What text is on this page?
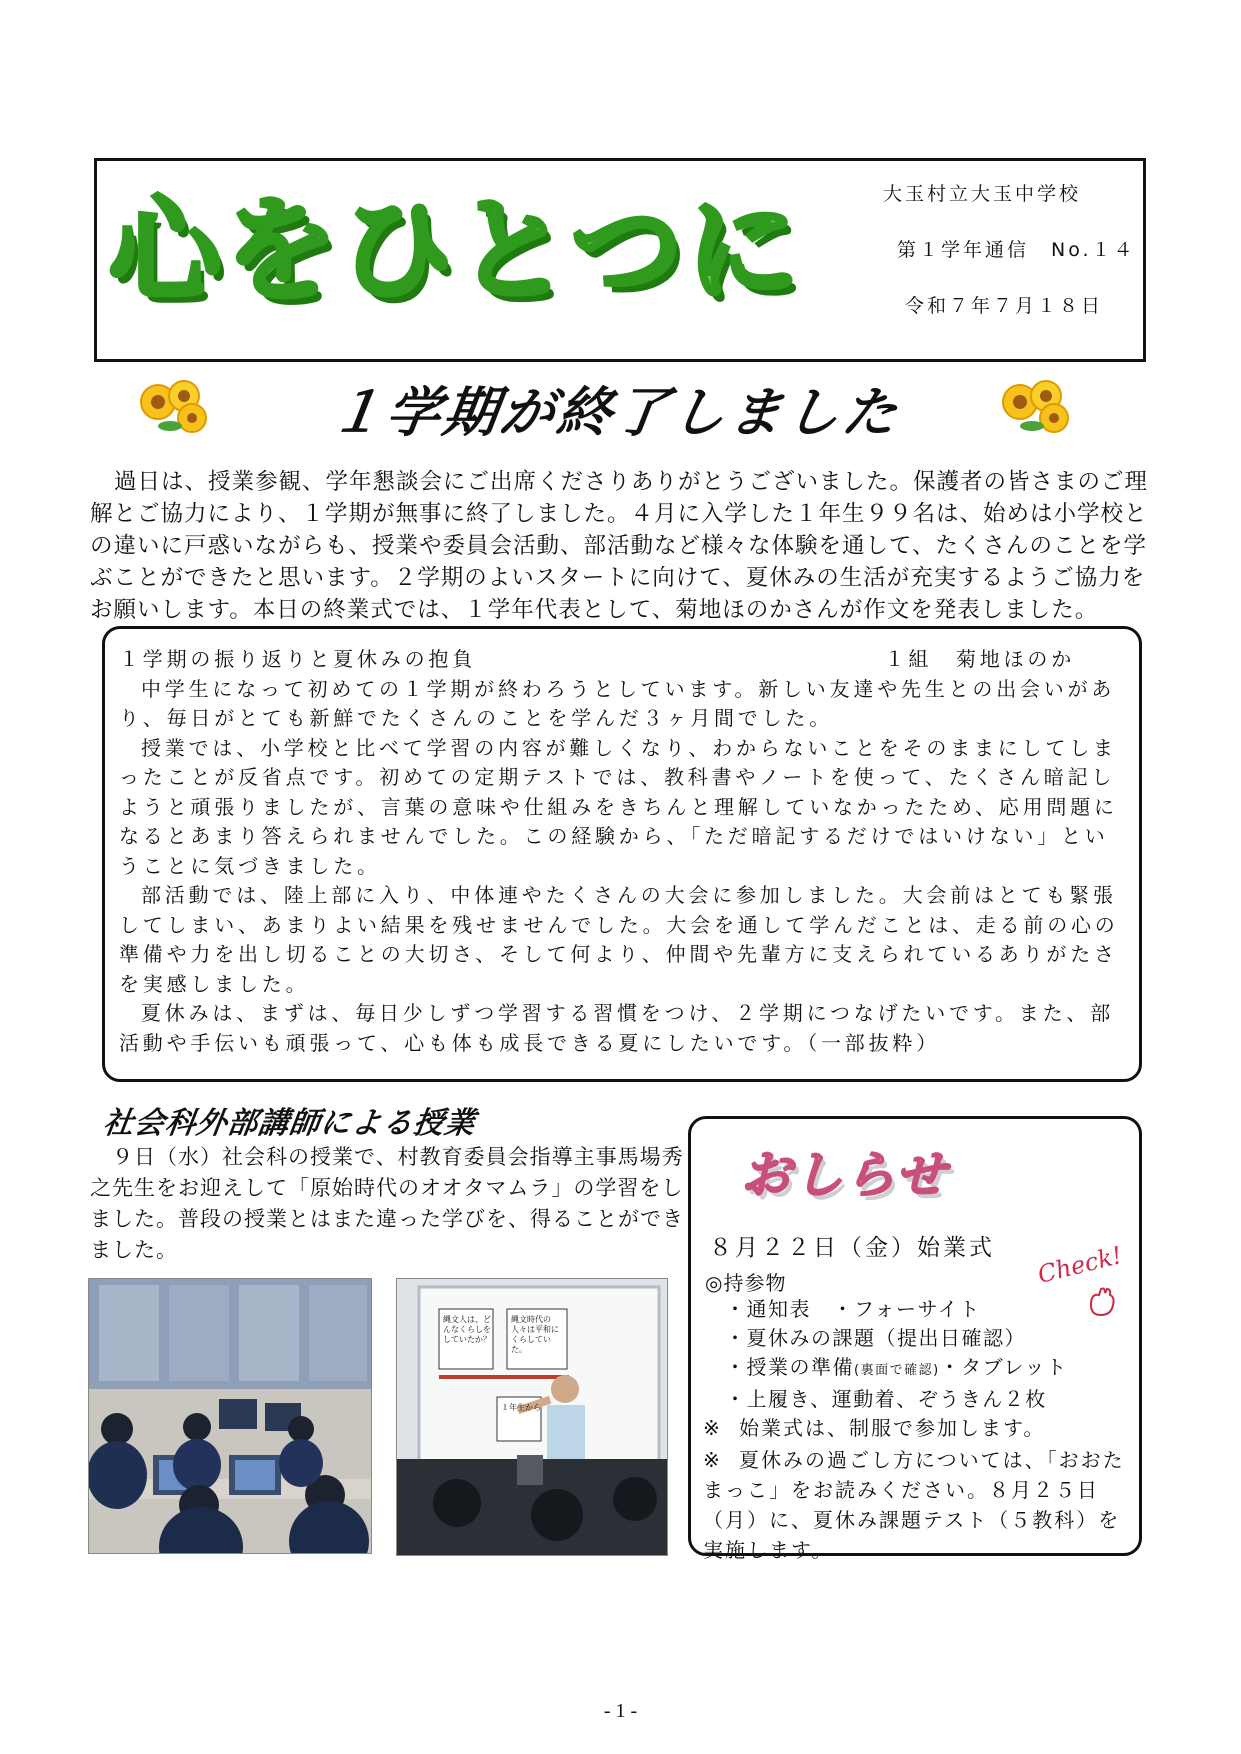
心をひとつに	大玉村立大玉中学校
第１学年通信　No.１４
令和７年７月１８日
１学期が終了しました

過日は、授業参観、学年懇談会にご出席くださりありがとうございました。保護者の皆さまのご理解とご協力により、１学期が無事に終了しました。４月に入学した１年生９９名は、始めは小学校との違いに戸惑いながらも、授業や委員会活動、部活動など様々な体験を通して、たくさんのことを学ぶことができたと思います。２学期のよいスタートに向けて、夏休みの生活が充実するようご協力をお願いします。本日の終業式では、１学年代表として、菊地ほのかさんが作文を発表しました。

１学期の振り返りと夏休みの抱負	１組　菊地ほのか

中学生になって初めての１学期が終わろうとしています。新しい友達や先生との出会いがあり、毎日がとても新鮮でたくさんのことを学んだ３ヶ月間でした。

授業では、小学校と比べて学習の内容が難しくなり、わからないことをそのままにしてしまったことが反省点です。初めての定期テストでは、教科書やノートを使って、たくさん暗記しようと頑張りましたが、言葉の意味や仕組みをきちんと理解していなかったため、応用問題になるとあまり答えられませんでした。この経験から、「ただ暗記するだけではいけない」ということに気づきました。

部活動では、陸上部に入り、中体連やたくさんの大会に参加しました。大会前はとても緊張してしまい、あまりよい結果を残せませんでした。大会を通して学んだことは、走る前の心の準備や力を出し切ることの大切さ、そして何より、仲間や先輩方に支えられているありがたさを実感しました。

夏休みは、まずは、毎日少しずつ学習する習慣をつけ、２学期につなげたいです。また、部活動や手伝いも頑張って、心も体も成長できる夏にしたいです。（一部抜粋）

社会科外部講師による授業

９日（水）社会科の授業で、村教育委員会指導主事馬場秀之先生をお迎えして「原始時代のオオタマムラ」の学習をしました。普段の授業とはまた違った学びを、得ることができました。

縄文人は、どんなくらしをしていたか？
縄文時代の人々は平和にくらしていた。
１年生から
おしらせ
８月２２日（金）始業式
◎持参物	Check!
・通知表　・フォーサイト
・夏休みの課題（提出日確認）
・授業の準備(裏面で確認)・タブレット
・上履き、運動着、ぞうきん２枚
※ 始業式は、制服で参加します。
※ 夏休みの過ごし方については、「おおたまっこ」をお読みください。８月２５日（月）に、夏休み課題テスト（５教科）を実施します。
- 1 -
